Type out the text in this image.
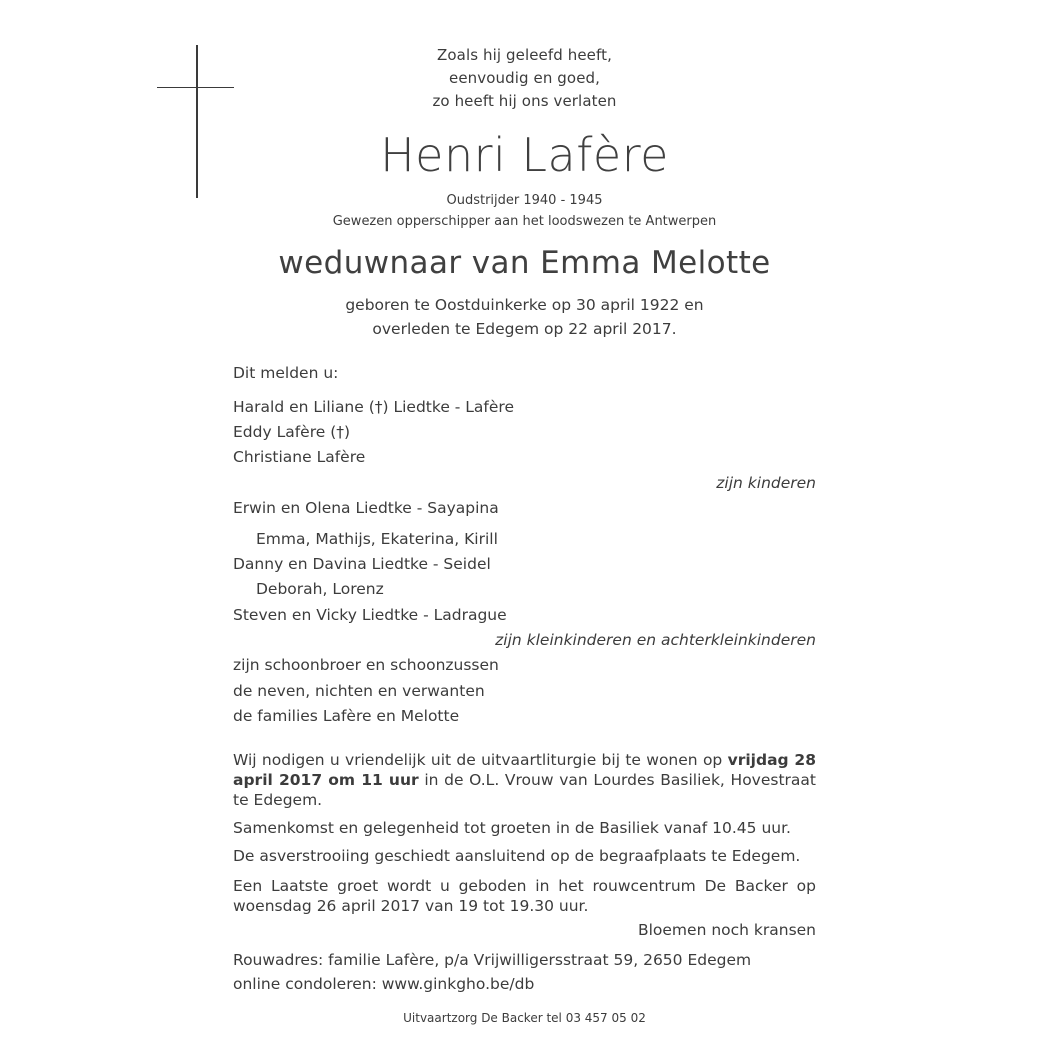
Zoals hij geleefd heeft,
eenvoudig en goed,
zo heeft hij ons verlaten
Henri Lafère
Oudstrijder 1940 - 1945
Gewezen opperschipper aan het loodswezen te Antwerpen
weduwnaar van Emma Melotte
geboren te Oostduinkerke op 30 april 1922 en
overleden te Edegem op 22 april 2017.
Dit melden u:
Harald en Liliane (†) Liedtke - Lafère
Eddy Lafère (†)
Christiane Lafère
zijn kinderen
Erwin en Olena Liedtke - Sayapina
Emma, Mathijs, Ekaterina, Kirill
Danny en Davina Liedtke - Seidel
Deborah, Lorenz
Steven en Vicky Liedtke - Ladrague
zijn kleinkinderen en achterkleinkinderen
zijn schoonbroer en schoonzussen
de neven, nichten en verwanten
de families Lafère en Melotte
Wij nodigen u vriendelijk uit de uitvaartliturgie bij te wonen op vrijdag 28 april 2017 om 11 uur in de O.L. Vrouw van Lourdes Basiliek, Hovestraat te Edegem.
Samenkomst en gelegenheid tot groeten in de Basiliek vanaf 10.45 uur.
De asverstrooiing geschiedt aansluitend op de begraafplaats te Edegem.
Een Laatste groet wordt u geboden in het rouwcentrum De Backer op woensdag 26 april 2017 van 19 tot 19.30 uur.
Bloemen noch kransen
Rouwadres: familie Lafère, p/a Vrijwilligersstraat 59, 2650 Edegem
online condoleren: www.ginkgho.be/db
Uitvaartzorg De Backer tel 03 457 05 02
